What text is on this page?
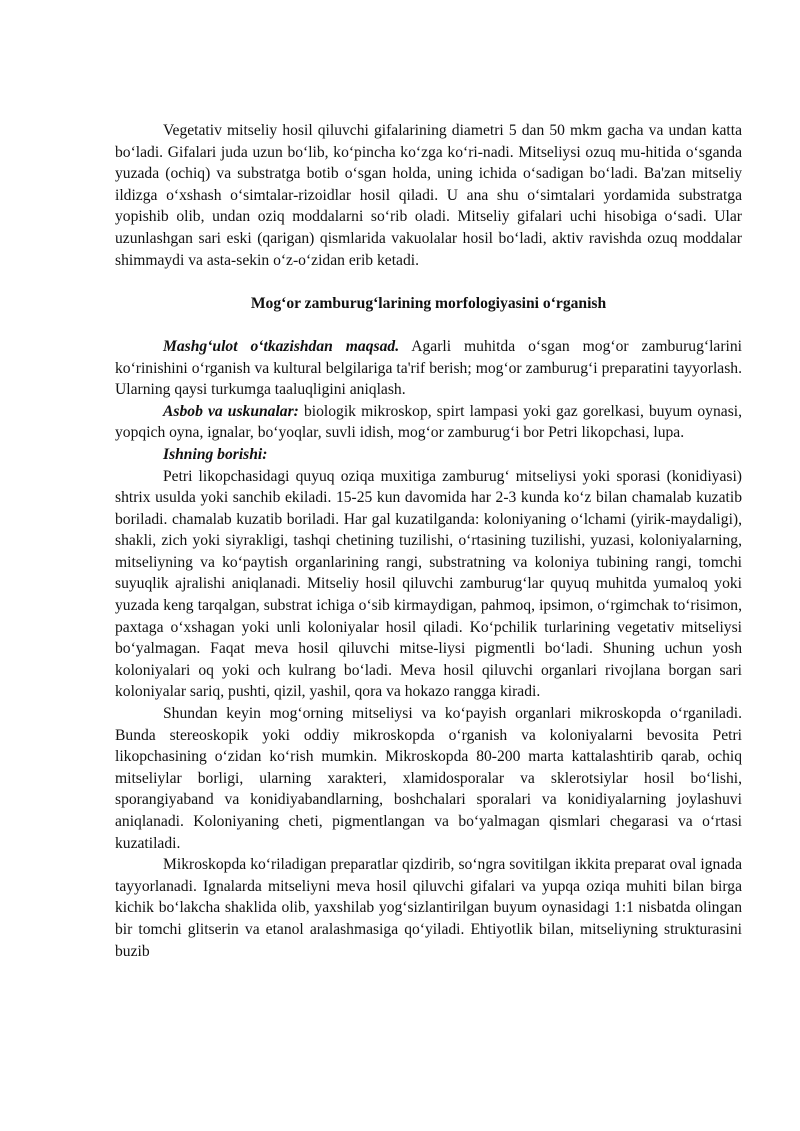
Vegetativ mitseliy hosil qiluvchi gifalarining diametri 5 dan 50 mkm gacha va undan katta bo‘ladi. Gifalari juda uzun bo‘lib, ko‘pincha ko‘zga ko‘ri-nadi. Mitseliysi ozuq mu-hitida o‘sganda yuzada (ochiq) va substratga botib o‘sgan holda, uning ichida o‘sadigan bo‘ladi. Ba'zan mitseliy ildizga o‘xshash o‘simtalar-rizoidlar hosil qiladi. U ana shu o‘simtalari yordamida substratga yopishib olib, undan oziq moddalarni so‘rib oladi. Mitseliy gifalari uchi hisobiga o‘sadi. Ular uzunlashgan sari eski (qarigan) qismlarida vakuolalar hosil bo‘ladi, aktiv ravishda ozuq moddalar shimmaydi va asta-sekin o‘z-o‘zidan erib ketadi.

Mog‘or zamburug‘larining morfologiyasini o‘rganish

Mashg‘ulot o‘tkazishdan maqsad. Agarli muhitda o‘sgan mog‘or zamburug‘larini ko‘rinishini o‘rganish va kultural belgilariga ta'rif berish; mog‘or zamburug‘i preparatini tayyorlash. Ularning qaysi turkumga taaluqligini aniqlash.

Asbob va uskunalar: biologik mikroskop, spirt lampasi yoki gaz gorelkasi, buyum oynasi, yopqich oyna, ignalar, bo‘yoqlar, suvli idish, mog‘or zamburug‘i bor Petri likopchasi, lupa.

Ishning borishi:

Petri likopchasidagi quyuq oziqa muxitiga zamburug‘ mitseliysi yoki sporasi (konidiyasi) shtrix usulda yoki sanchib ekiladi. 15-25 kun davomida har 2-3 kunda ko‘z bilan chamalab kuzatib boriladi. chamalab kuzatib boriladi. Har gal kuzatilganda: koloniyaning o‘lchami (yirik-maydaligi), shakli, zich yoki siyrakligi, tashqi chetining tuzilishi, o‘rtasining tuzilishi, yuzasi, koloniyalarning, mitseliyning va ko‘paytish organlarining rangi, substratning va koloniya tubining rangi, tomchi suyuqlik ajralishi aniqlanadi. Mitseliy hosil qiluvchi zamburug‘lar quyuq muhitda yumaloq yoki yuzada keng tarqalgan, substrat ichiga o‘sib kirmaydigan, pahmoq, ipsimon, o‘rgimchak to‘risimon, paxtaga o‘xshagan yoki unli koloniyalar hosil qiladi. Ko‘pchilik turlarining vegetativ mitseliysi bo‘yalmagan. Faqat meva hosil qiluvchi mitse-liysi pigmentli bo‘ladi. Shuning uchun yosh koloniyalari oq yoki och kulrang bo‘ladi. Meva hosil qiluvchi organlari rivojlana borgan sari koloniyalar sariq, pushti, qizil, yashil, qora va hokazo rangga kiradi.

Shundan keyin mog‘orning mitseliysi va ko‘payish organlari mikroskopda o‘rganiladi. Bunda stereoskopik yoki oddiy mikroskopda o‘rganish va koloniyalarni bevosita Petri likopchasining o‘zidan ko‘rish mumkin. Mikroskopda 80-200 marta kattalashtirib qarab, ochiq mitseliylar borligi, ularning xarakteri, xlamidosporalar va sklerotsiylar hosil bo‘lishi, sporangiyaband va konidiyabandlarning, boshchalari sporalari va konidiyalarning joylashuvi aniqlanadi. Koloniyaning cheti, pigmentlangan va bo‘yalmagan qismlari chegarasi va o‘rtasi kuzatiladi.

Mikroskopda ko‘riladigan preparatlar qizdirib, so‘ngra sovitilgan ikkita preparat oval ignada tayyorlanadi. Ignalarda mitseliyni meva hosil qiluvchi gifalari va yupqa oziqa muhiti bilan birga kichik bo‘lakcha shaklida olib, yaxshilab yog‘sizlantirilgan buyum oynasidagi 1:1 nisbatda olingan bir tomchi glitserin va etanol aralashmasiga qo‘yiladi. Ehtiyotlik bilan, mitseliyning strukturasini buzib
